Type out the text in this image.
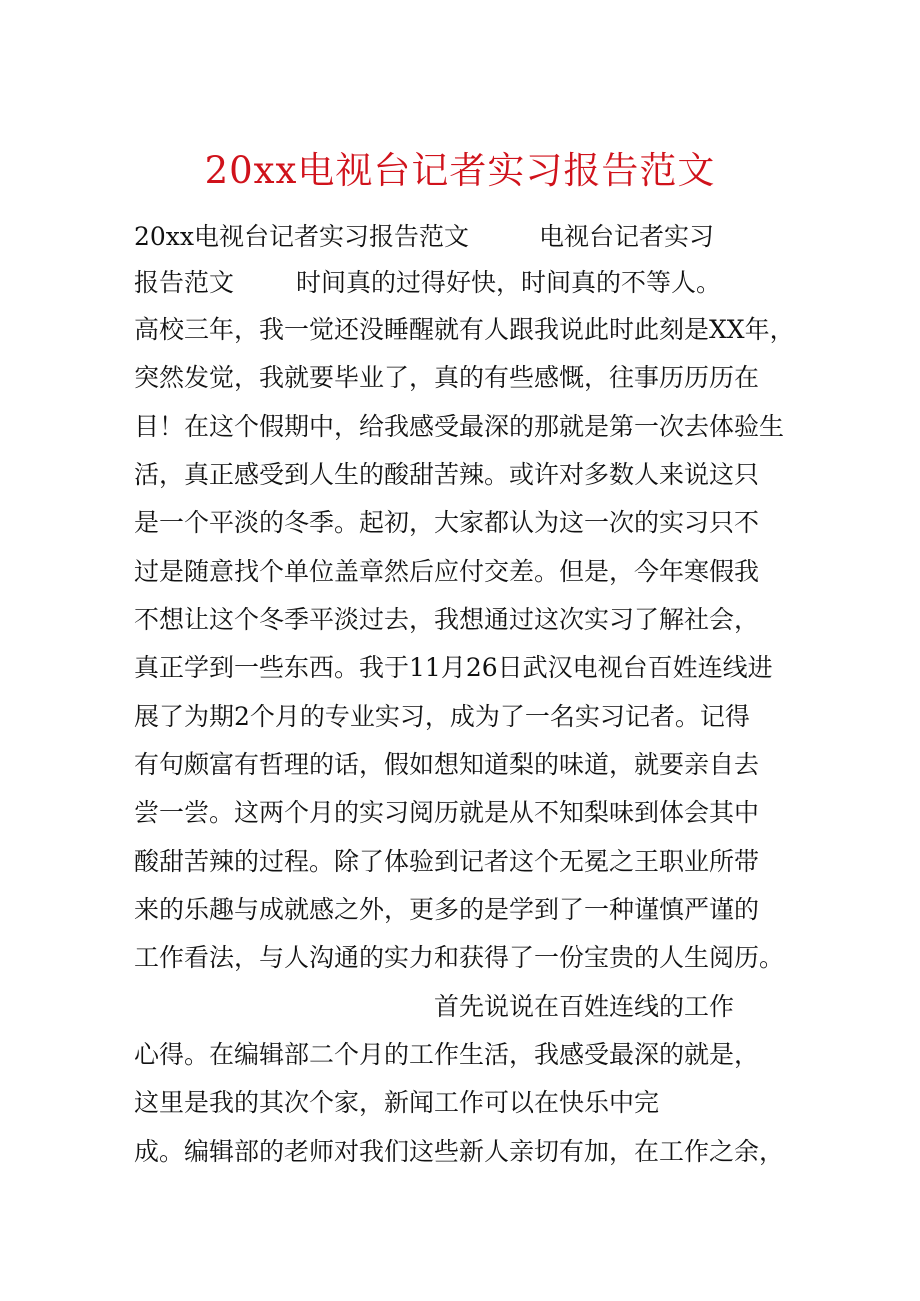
20xx电视台记者实习报告范文
20xx电视台记者实习报告范文	电视台记者实习
报告范文 时间真的过得好快，时间真的不等人。
高校三年，我一觉还没睡醒就有人跟我说此时此刻是XX年，
突然发觉，我就要毕业了，真的有些感慨，往事历历历在
目！在这个假期中，给我感受最深的那就是第一次去体验生
活，真正感受到人生的酸甜苦辣。或许对多数人来说这只
是一个平淡的冬季。起初，大家都认为这一次的实习只不
过是随意找个单位盖章然后应付交差。但是，今年寒假我
不想让这个冬季平淡过去，我想通过这次实习了解社会，
真正学到一些东西。我于11月26日武汉电视台百姓连线进
展了为期2个月的专业实习，成为了一名实习记者。记得
有句颇富有哲理的话，假如想知道梨的味道，就要亲自去
尝一尝。这两个月的实习阅历就是从不知梨味到体会其中
酸甜苦辣的过程。除了体验到记者这个无冕之王职业所带
来的乐趣与成就感之外，更多的是学到了一种谨慎严谨的
工作看法，与人沟通的实力和获得了一份宝贵的人生阅历。
首先说说在百姓连线的工作
心得。在编辑部二个月的工作生活，我感受最深的就是，
这里是我的其次个家，新闻工作可以在快乐中完
成。编辑部的老师对我们这些新人亲切有加，在工作之余，
